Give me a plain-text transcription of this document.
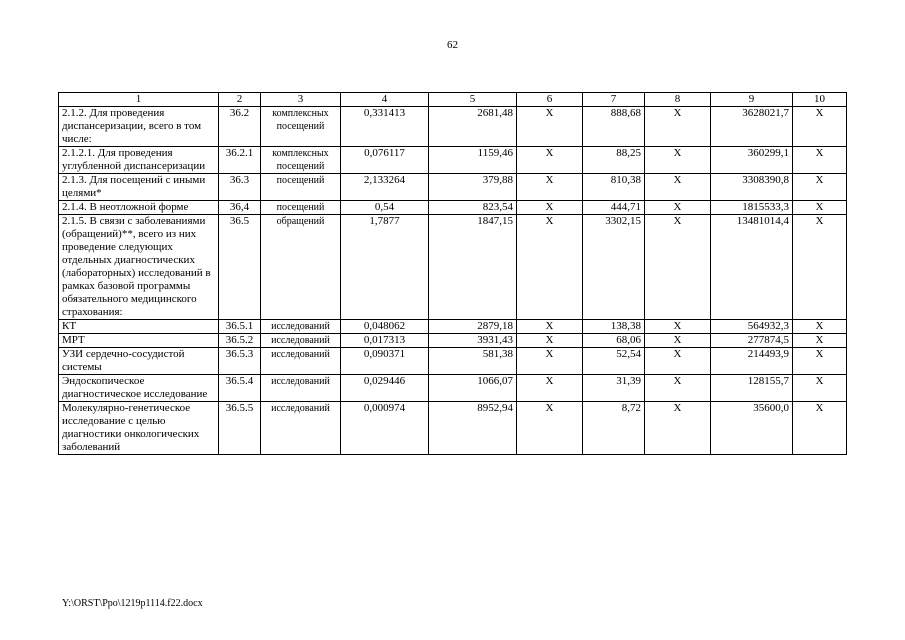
62
1	2	3	4	5	6	7	8	9	10
2.1.2. Для проведения диспансеризации, всего в том числе:	36.2	комплексных посещений	0,331413	2681,48	Х	888,68	Х	3628021,7	Х
2.1.2.1. Для проведения углубленной диспансеризации	36.2.1	комплексных посещений	0,076117	1159,46	Х	88,25	Х	360299,1	Х
2.1.3. Для посещений с иными целями*	36.3	посещений	2,133264	379,88	Х	810,38	Х	3308390,8	Х
2.1.4. В неотложной форме	36,4	посещений	0,54	823,54	Х	444,71	Х	1815533,3	Х
2.1.5. В связи с заболеваниями (обращений)**, всего из них проведение следующих отдельных диагностических (лабораторных) исследований в рамках базовой программы обязательного медицинского страхования:	36.5	обращений	1,7877	1847,15	Х	3302,15	Х	13481014,4	Х
КТ	36.5.1	исследований	0,048062	2879,18	Х	138,38	Х	564932,3	Х
МРТ	36.5.2	исследований	0,017313	3931,43	Х	68,06	Х	277874,5	Х
УЗИ сердечно-сосудистой системы	36.5.3	исследований	0,090371	581,38	Х	52,54	Х	214493,9	Х
Эндоскопическое диагностическое исследование	36.5.4	исследований	0,029446	1066,07	Х	31,39	Х	128155,7	Х
Молекулярно-генетическое исследование с целью диагностики онкологических заболеваний	36.5.5	исследований	0,000974	8952,94	Х	8,72	Х	35600,0	Х
Y:\ORST\Ppo\1219p1114.f22.docx
